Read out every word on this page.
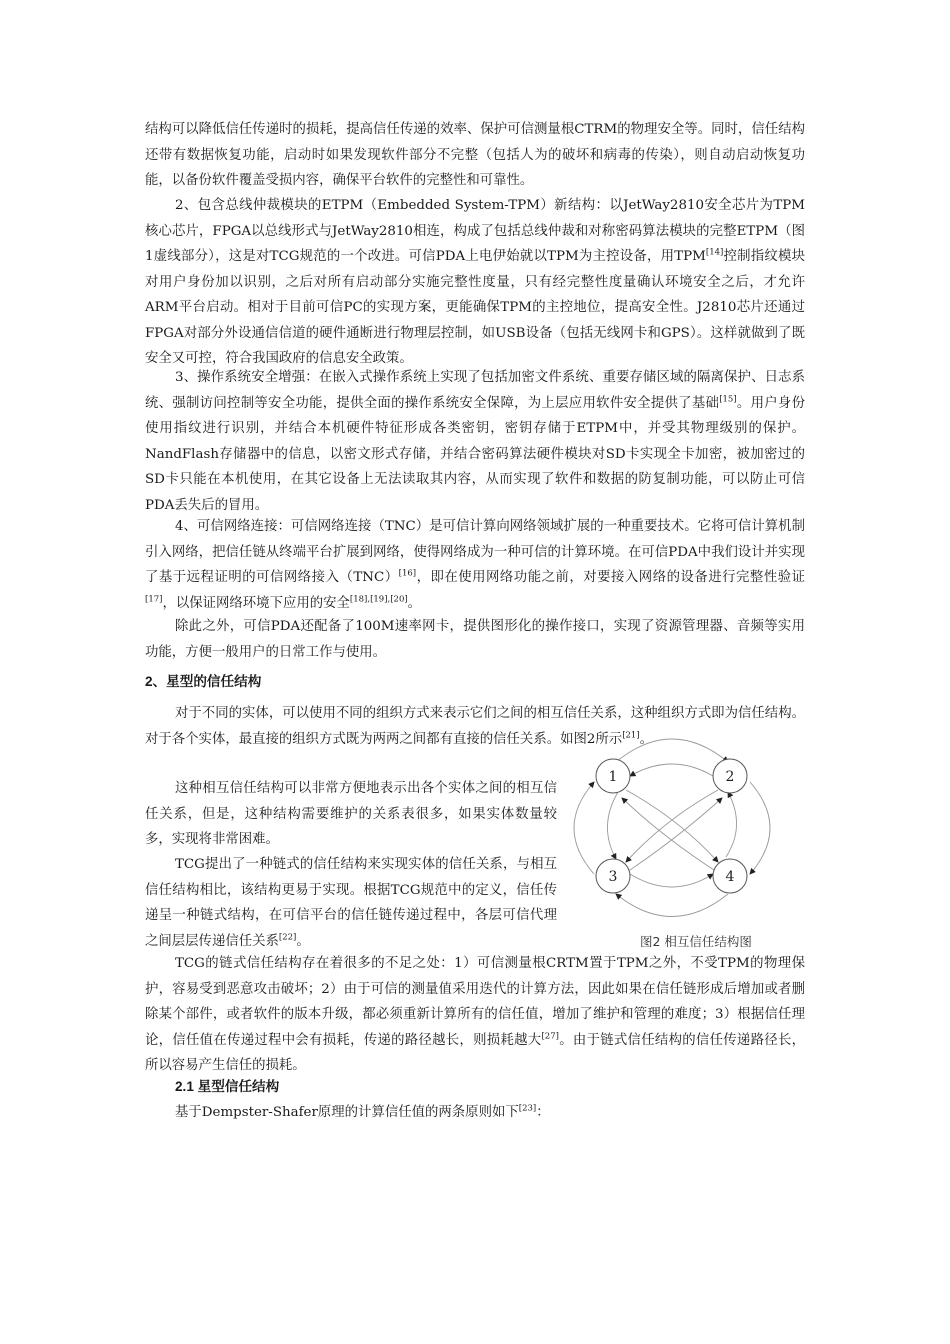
结构可以降低信任传递时的损耗，提高信任传递的效率、保护可信测量根CTRM的物理安全等。同时，信任结构还带有数据恢复功能，启动时如果发现软件部分不完整（包括人为的破坏和病毒的传染），则自动启动恢复功能，以备份软件覆盖受损内容，确保平台软件的完整性和可靠性。

2、包含总线仲裁模块的ETPM（Embedded System-TPM）新结构：以JetWay2810安全芯片为TPM核心芯片，FPGA以总线形式与JetWay2810相连，构成了包括总线仲裁和对称密码算法模块的完整ETPM（图1虚线部分），这是对TCG规范的一个改进。可信PDA上电伊始就以TPM为主控设备，用TPM[14]控制指纹模块对用户身份加以识别，之后对所有启动部分实施完整性度量，只有经完整性度量确认环境安全之后，才允许ARM平台启动。相对于目前可信PC的实现方案，更能确保TPM的主控地位，提高安全性。J2810芯片还通过FPGA对部分外设通信信道的硬件通断进行物理层控制，如USB设备（包括无线网卡和GPS）。这样就做到了既安全又可控，符合我国政府的信息安全政策。

3、操作系统安全增强：在嵌入式操作系统上实现了包括加密文件系统、重要存储区域的隔离保护、日志系统、强制访问控制等安全功能，提供全面的操作系统安全保障，为上层应用软件安全提供了基础[15]。用户身份使用指纹进行识别，并结合本机硬件特征形成各类密钥，密钥存储于ETPM中，并受其物理级别的保护。NandFlash存储器中的信息，以密文形式存储，并结合密码算法硬件模块对SD卡实现全卡加密，被加密过的SD卡只能在本机使用，在其它设备上无法读取其内容，从而实现了软件和数据的防复制功能，可以防止可信PDA丢失后的冒用。

4、可信网络连接：可信网络连接（TNC）是可信计算向网络领域扩展的一种重要技术。它将可信计算机制引入网络，把信任链从终端平台扩展到网络，使得网络成为一种可信的计算环境。在可信PDA中我们设计并实现了基于远程证明的可信网络接入（TNC）[16]，即在使用网络功能之前，对要接入网络的设备进行完整性验证[17]，以保证网络环境下应用的安全[18],[19],[20]。

除此之外，可信PDA还配备了100M速率网卡，提供图形化的操作接口，实现了资源管理器、音频等实用功能，方便一般用户的日常工作与使用。

2、星型的信任结构

对于不同的实体，可以使用不同的组织方式来表示它们之间的相互信任关系，这种组织方式即为信任结构。对于各个实体，最直接的组织方式既为两两之间都有直接的信任关系。如图2所示[21]。

这种相互信任结构可以非常方便地表示出各个实体之间的相互信任关系，但是，这种结构需要维护的关系表很多，如果实体数量较多，实现将非常困难。

TCG提出了一种链式的信任结构来实现实体的信任关系，与相互信任结构相比，该结构更易于实现。根据TCG规范中的定义，信任传递呈一种链式结构，在可信平台的信任链传递过程中，各层可信代理之间层层传递信任关系[22]。

TCG的链式信任结构存在着很多的不足之处：1）可信测量根CRTM置于TPM之外，不受TPM的物理保护，容易受到恶意攻击破坏；2）由于可信的测量值采用迭代的计算方法，因此如果在信任链形成后增加或者删除某个部件，或者软件的版本升级，都必须重新计算所有的信任值，增加了维护和管理的难度；3）根据信任理论，信任值在传递过程中会有损耗，传递的路径越长，则损耗越大[27]。由于链式信任结构的信任传递路径长，所以容易产生信任的损耗。

2.1 星型信任结构

基于Dempster-Shafer原理的计算信任值的两条原则如下[23]：

1	2
3	4
图2 相互信任结构图
